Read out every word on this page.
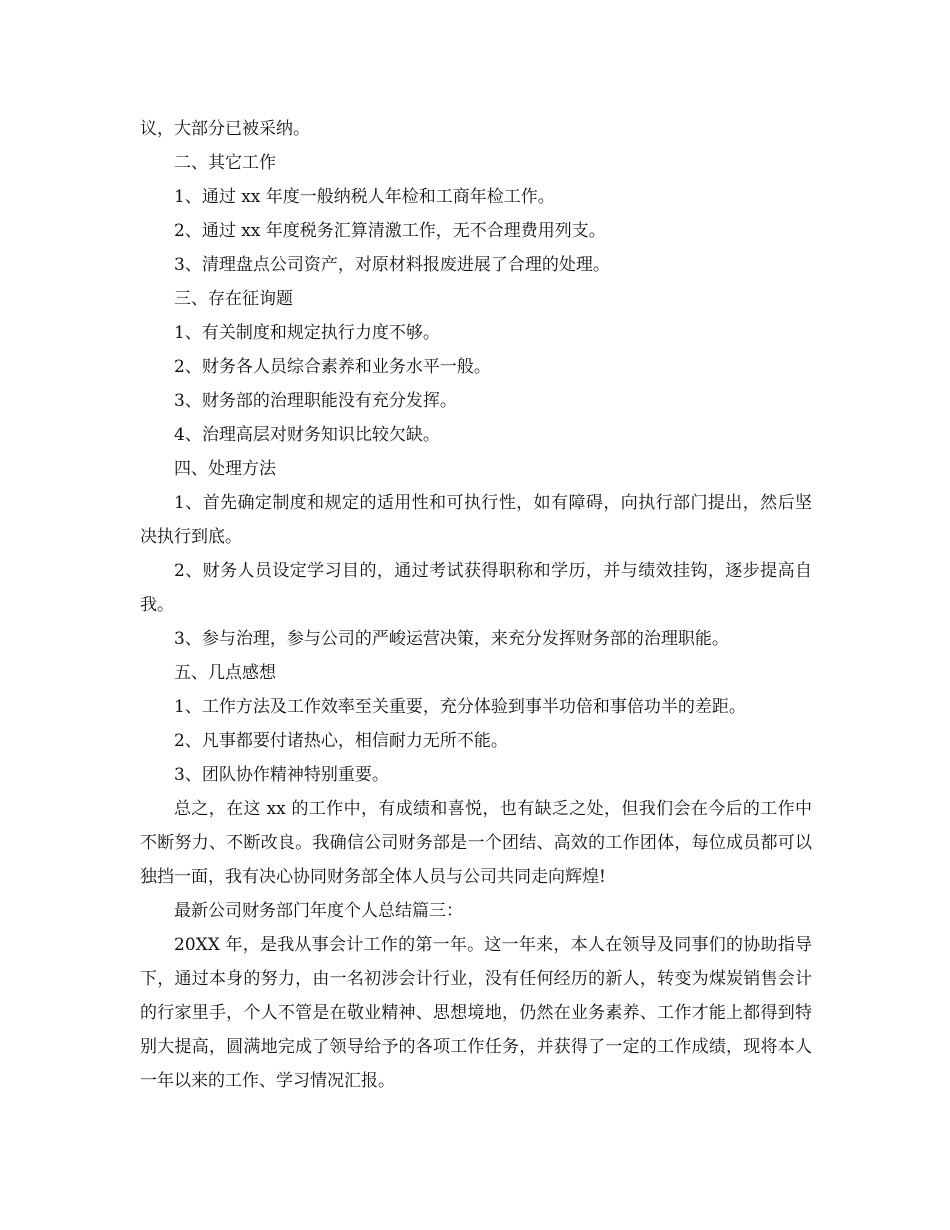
议，大部分已被采纳。

二、其它工作

1、通过 xx 年度一般纳税人年检和工商年检工作。

2、通过 xx 年度税务汇算清激工作，无不合理费用列支。

3、清理盘点公司资产，对原材料报废进展了合理的处理。

三、存在征询题

1、有关制度和规定执行力度不够。

2、财务各人员综合素养和业务水平一般。

3、财务部的治理职能没有充分发挥。

4、治理高层对财务知识比较欠缺。

四、处理方法

1、首先确定制度和规定的适用性和可执行性，如有障碍，向执行部门提出，然后坚决执行到底。

2、财务人员设定学习目的，通过考试获得职称和学历，并与绩效挂钩，逐步提高自我。

3、参与治理，参与公司的严峻运营决策，来充分发挥财务部的治理职能。

五、几点感想

1、工作方法及工作效率至关重要，充分体验到事半功倍和事倍功半的差距。

2、凡事都要付诸热心，相信耐力无所不能。

3、团队协作精神特别重要。

总之，在这 xx 的工作中，有成绩和喜悦，也有缺乏之处，但我们会在今后的工作中不断努力、不断改良。我确信公司财务部是一个团结、高效的工作团体，每位成员都可以独挡一面，我有决心协同财务部全体人员与公司共同走向辉煌!

最新公司财务部门年度个人总结篇三：

20XX 年，是我从事会计工作的第一年。这一年来，本人在领导及同事们的协助指导下，通过本身的努力，由一名初涉会计行业，没有任何经历的新人，转变为煤炭销售会计的行家里手，个人不管是在敬业精神、思想境地，仍然在业务素养、工作才能上都得到特别大提高，圆满地完成了领导给予的各项工作任务，并获得了一定的工作成绩，现将本人一年以来的工作、学习情况汇报。
